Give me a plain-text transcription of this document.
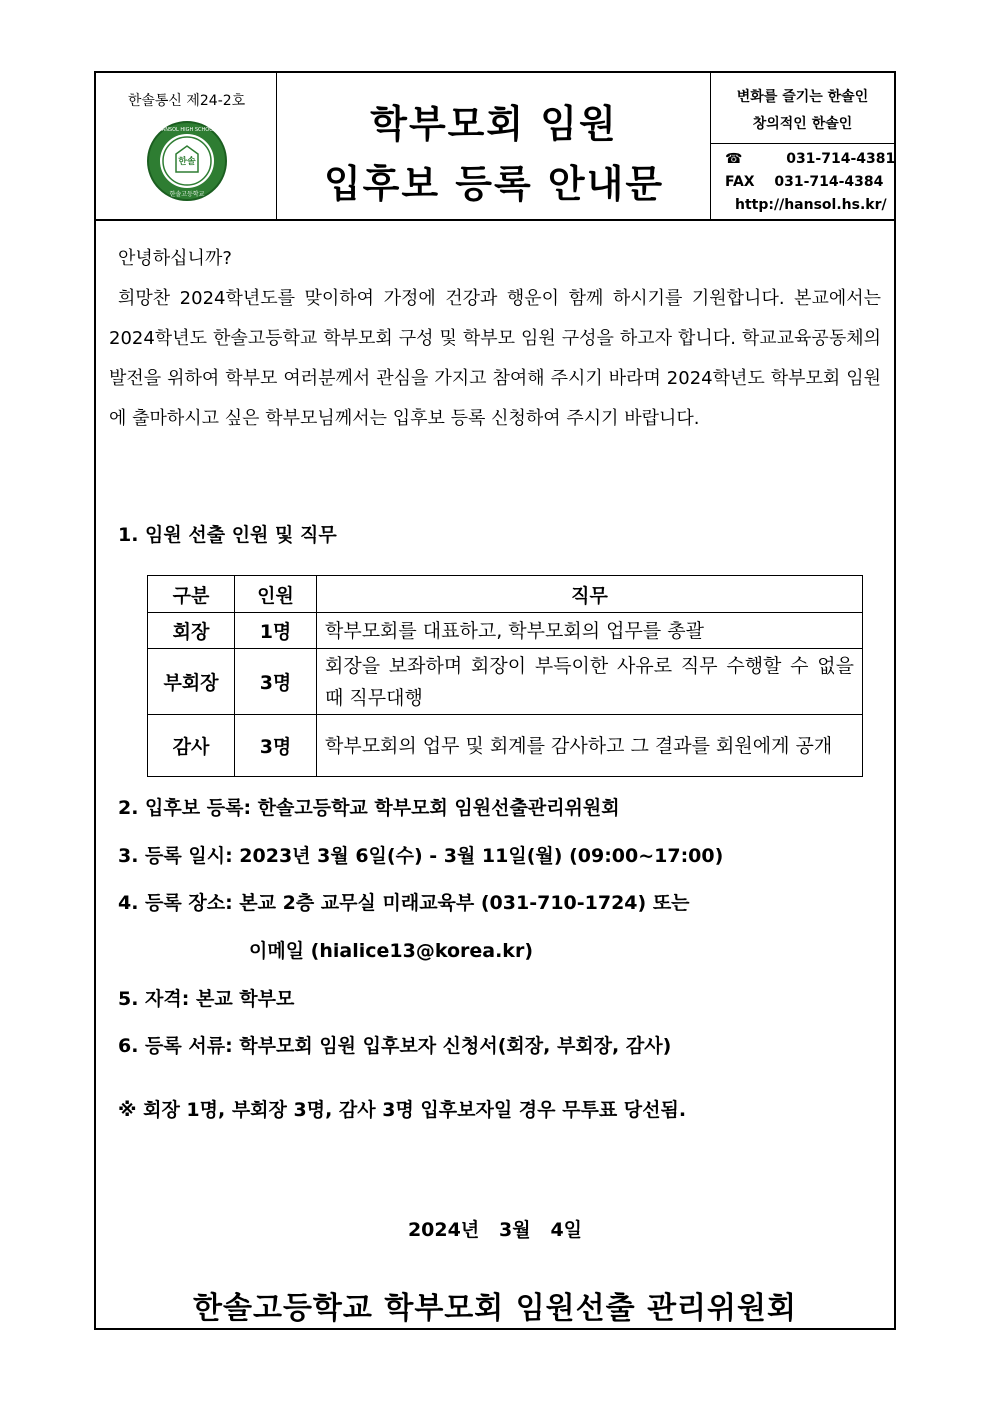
한솔통신 제24-2호
한솔
HANSOL HIGH SCHOOL
한솔고등학교
학부모회 임원
입후보 등록 안내문
변화를 즐기는 한솔인
창의적인 한솔인
☎	031-714-4381
FAX 031-714-4384
http://hansol.hs.kr/
안녕하십니까?

희망찬 2024학년도를 맞이하여 가정에 건강과 행운이 함께 하시기를 기원합니다. 본교에서는 2024학년도 한솔고등학교 학부모회 구성 및 학부모 임원 구성을 하고자 합니다. 학교교육공동체의 발전을 위하여 학부모 여러분께서 관심을 가지고 참여해 주시기 바라며 2024학년도 학부모회 임원에 출마하시고 싶은 학부모님께서는 입후보 등록 신청하여 주시기 바랍니다.

1. 임원 선출 인원 및 직무
구분	인원	직무
회장	1명	학부모회를 대표하고, 학부모회의 업무를 총괄
부회장	3명	회장을 보좌하며 회장이 부득이한 사유로 직무 수행할 수 없을 때 직무대행
감사	3명	학부모회의 업무 및 회계를 감사하고 그 결과를 회원에게 공개
2. 입후보 등록: 한솔고등학교 학부모회 임원선출관리위원회
3. 등록 일시: 2023년 3월 6일(수) - 3월 11일(월) (09:00~17:00)
4. 등록 장소: 본교 2층 교무실 미래교육부 (031-710-1724) 또는
이메일 (hialice13@korea.kr)
5. 자격: 본교 학부모
6. 등록 서류: 학부모회 임원 입후보자 신청서(회장, 부회장, 감사)
※ 회장 1명, 부회장 3명, 감사 3명 입후보자일 경우 무투표 당선됨.
2024년   3월   4일
한솔고등학교 학부모회 임원선출 관리위원회
